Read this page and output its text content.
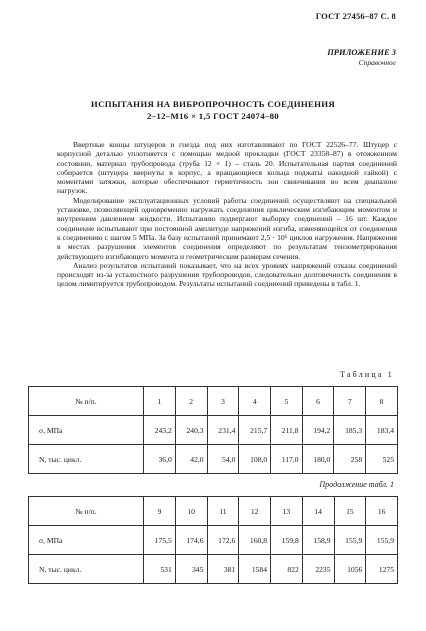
ГОСТ 27456–87 С. 8
ПРИЛОЖЕНИЕ 3
Справочное
ИСПЫТАНИЯ НА ВИБРОПРОЧНОСТЬ СОЕДИНЕНИЯ
2–12–М16 × 1,5 ГОСТ 24074–80

Ввертные концы штуцеров и гнезда под них изготавливают по ГОСТ 22526–77. Штуцер с корпусной деталью уплотняется с помощью медной прокладки (ГОСТ 23358–87) в отожженном состоянии, материал трубопровода (труба 12 × 1) – сталь 20. Испытательная партия соединений собирается (штуцера ввернуты в корпус, а вращающиеся кольца поджаты накидной гайкой) с моментами затяжки, которые обеспечивают герметичность зон свинчивания во всем диапазоне нагрузок.

Моделирование эксплуатационных условий работы соединений осуществляют на специальной установке, позволяющей одновременно нагружать соединения циклическим изгибающим моментом и внутренним давлением жидкости. Испытанию подвергают выборку соединений – 16 шт. Каждое соединение испытывают при постоянной амплитуде напряжений изгиба, изменяющейся от соединения к соединению с шагом 5 МПа. За базу испытаний принимают 2,5 · 10⁶ циклов нагружения. Напряжения в местах разрушения элементов соединения определяют по результатам тензометрирования действующего изгибающего момента и геометрическим размерам сечения.

Анализ результатов испытаний показывает, что на всех уровнях напряжений отказы соединений происходят из-за усталостного разрушения трубопроводов, следовательно долговечность соединения в целом лимитируется трубопроводом. Результаты испытаний соединений приведены в табл. 1.

Таблица 1
№ п/п.	1	2	3	4	5	6	7	8
σ, МПа	243,2	240,3	231,4	215,7	211,8	194,2	185,3	183,4
N, тыс. цикл.	36,0	42,0	54,0	108,0	117,0	180,0	258	525
Продолжение табл. 1
№ п/п.	9	10	11	12	13	14	15	16
σ, МПа	175,5	174,6	172,6	160,8	159,8	158,9	155,9	155,9
N, тыс. цикл.	531	345	381	1584	822	2235	1056	1275
